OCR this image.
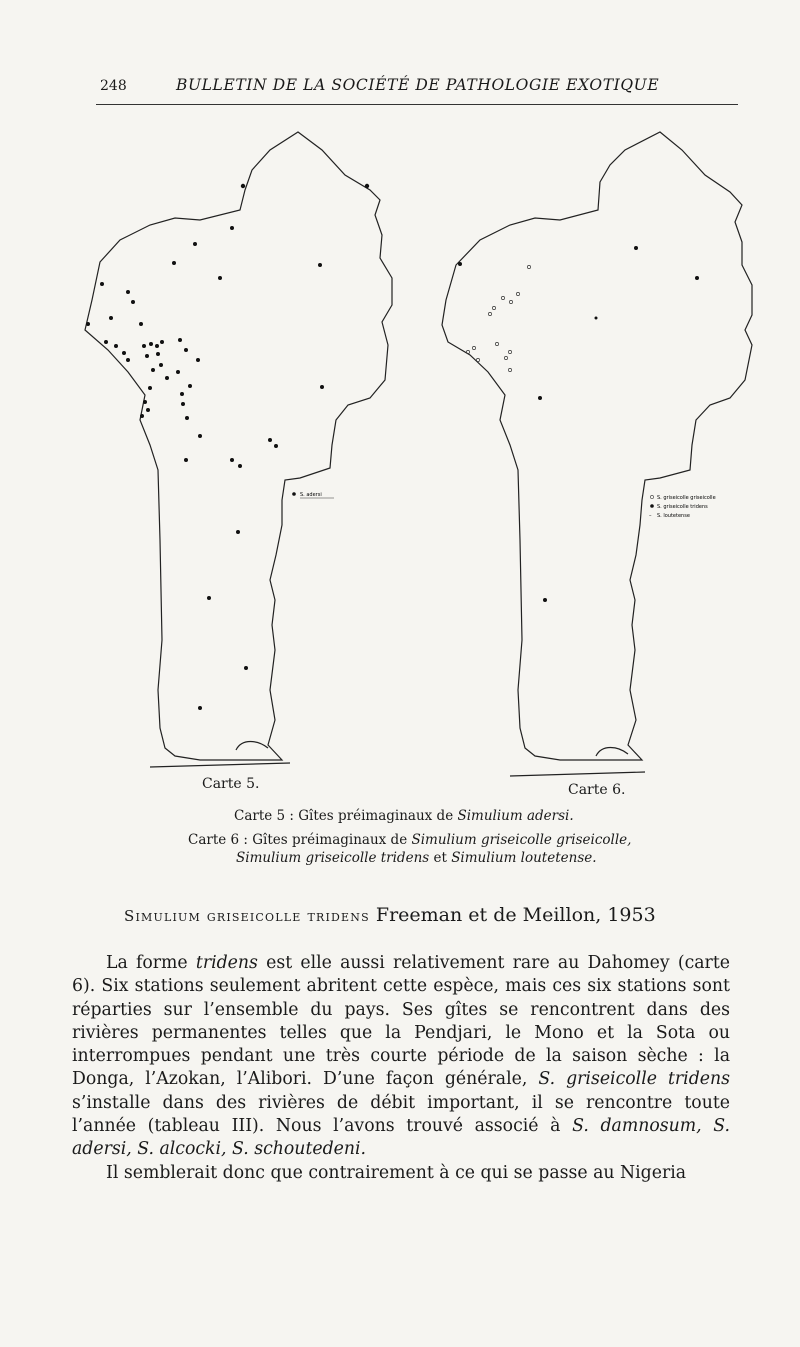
248	BULLETIN DE LA SOCIÉTÉ DE PATHOLOGIE EXOTIQUE
S. adersi	S. griseicolle griseicolle
S. griseicolle tridens
– S. loutetense
Carte 5.	Carte 6.
Carte 5 : Gîtes préimaginaux de Simulium adersi.
Carte 6 : Gîtes préimaginaux de Simulium griseicolle griseicolle,
Simulium griseicolle tridens et Simulium loutetense.
Simulium griseicolle tridens Freeman et de Meillon, 1953

La forme tridens est elle aussi relativement rare au Dahomey (carte 6). Six stations seulement abritent cette espèce, mais ces six stations sont réparties sur l’ensemble du pays. Ses gîtes se rencontrent dans des rivières permanentes telles que la Pendjari, le Mono et la Sota ou interrompues pendant une très courte période de la saison sèche : la Donga, l’Azokan, l’Alibori. D’une façon générale, S. griseicolle tridens s’installe dans des rivières de débit important, il se rencontre toute l’année (tableau III). Nous l’avons trouvé associé à S. damnosum, S. adersi, S. alcocki, S. schoutedeni.

Il semblerait donc que contrairement à ce qui se passe au Nigeria
